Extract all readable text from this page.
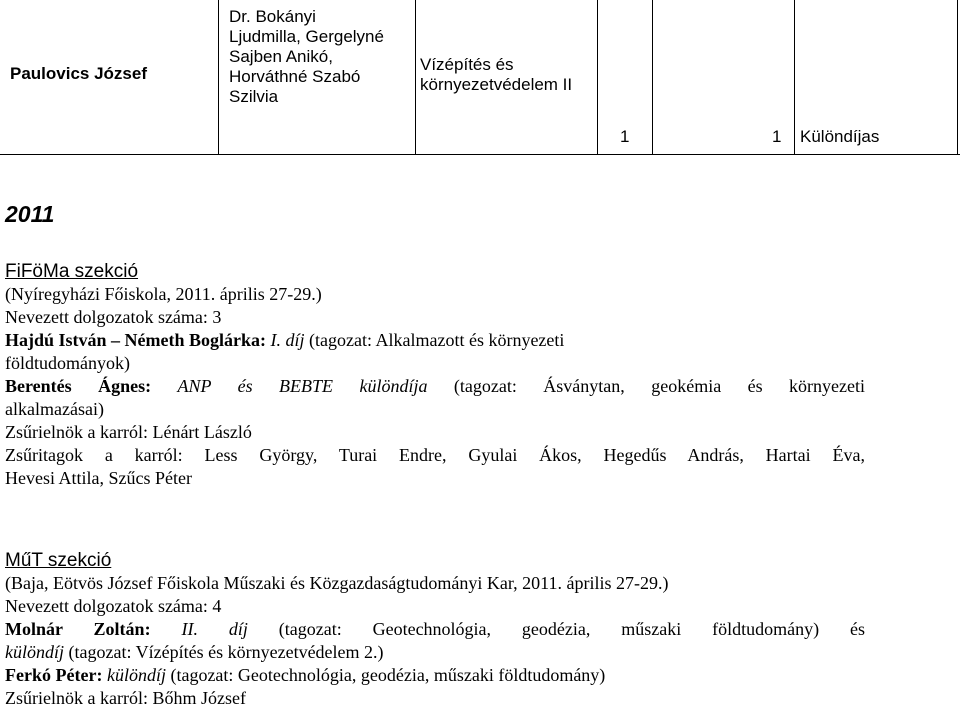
Paulovics József
Dr. Bokányi
Ljudmilla, Gergelyné
Sajben Anikó,
Horváthné Szabó
Szilvia
Vízépítés és
környezetvédelem II
1	1	Különdíjas
2011

FiFöMa szekció

(Nyíregyházi Főiskola, 2011. április 27-29.)

Nevezett dolgozatok száma: 3

Hajdú István – Németh Boglárka: I. díj (tagozat: Alkalmazott és környezeti

földtudományok)

Berentés Ágnes: ANP és BEBTE különdíja (tagozat: Ásványtan, geokémia és környezeti

alkalmazásai)

Zsűrielnök a karról: Lénárt László

Zsűritagok a karról: Less György, Turai Endre, Gyulai Ákos, Hegedűs András, Hartai Éva,

Hevesi Attila, Szűcs Péter

MűT szekció

(Baja, Eötvös József Főiskola Műszaki és Közgazdaságtudományi Kar, 2011. április 27-29.)

Nevezett dolgozatok száma: 4

Molnár Zoltán: II. díj (tagozat: Geotechnológia, geodézia, műszaki földtudomány) és

különdíj (tagozat: Vízépítés és környezetvédelem 2.)

Ferkó Péter: különdíj (tagozat: Geotechnológia, geodézia, műszaki földtudomány)

Zsűrielnök a karról: Bőhm József
